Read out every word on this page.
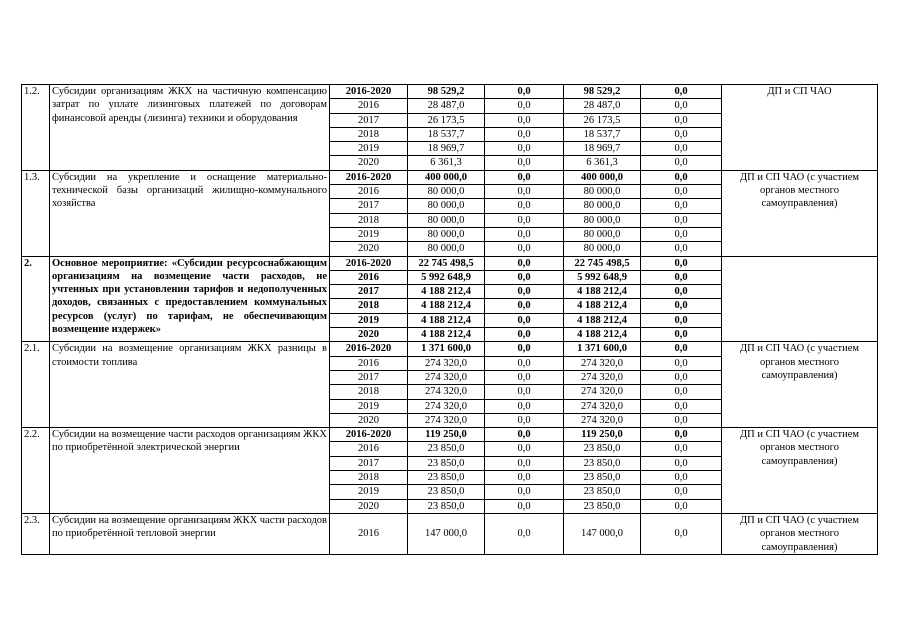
1.2.	Субсидии организациям ЖКХ на частичную компенсацию затрат по уплате лизинговых платежей по договорам финансовой аренды (лизинга) техники и оборудования	2016-2020	98 529,2	0,0	98 529,2	0,0	ДП и СП ЧАО
		2016	28 487,0	0,0	28 487,0	0,0	
		2017	26 173,5	0,0	26 173,5	0,0	
		2018	18 537,7	0,0	18 537,7	0,0	
		2019	18 969,7	0,0	18 969,7	0,0	
		2020	6 361,3	0,0	6 361,3	0,0	
1.3.	Субсидии на укрепление и оснащение материально-технической базы организаций жилищно-коммунального хозяйства	2016-2020	400 000,0	0,0	400 000,0	0,0	ДП и СП ЧАО (с участием органов местного самоуправления)
		2016	80 000,0	0,0	80 000,0	0,0	
		2017	80 000,0	0,0	80 000,0	0,0	
		2018	80 000,0	0,0	80 000,0	0,0	
		2019	80 000,0	0,0	80 000,0	0,0	
		2020	80 000,0	0,0	80 000,0	0,0	
2.	Основное мероприятие: «Субсидии ресурсоснабжающим организациям на возмещение части расходов, не учтенных при установлении тарифов и недополученных доходов, связанных с предоставлением коммунальных ресурсов (услуг) по тарифам, не обеспечивающим возмещение издержек»	2016-2020	22 745 498,5	0,0	22 745 498,5	0,0	
		2016	5 992 648,9	0,0	5 992 648,9	0,0	
		2017	4 188 212,4	0,0	4 188 212,4	0,0	
		2018	4 188 212,4	0,0	4 188 212,4	0,0	
		2019	4 188 212,4	0,0	4 188 212,4	0,0	
		2020	4 188 212,4	0,0	4 188 212,4	0,0	
2.1.	Субсидии на возмещение организациям ЖКХ разницы в стоимости топлива	2016-2020	1 371 600,0	0,0	1 371 600,0	0,0	ДП и СП ЧАО (с участием органов местного самоуправления)
		2016	274 320,0	0,0	274 320,0	0,0	
		2017	274 320,0	0,0	274 320,0	0,0	
		2018	274 320,0	0,0	274 320,0	0,0	
		2019	274 320,0	0,0	274 320,0	0,0	
		2020	274 320,0	0,0	274 320,0	0,0	
2.2.	Субсидии на возмещение части расходов организациям ЖКХ по приобретённой электрической энергии	2016-2020	119 250,0	0,0	119 250,0	0,0	ДП и СП ЧАО (с участием органов местного самоуправления)
		2016	23 850,0	0,0	23 850,0	0,0	
		2017	23 850,0	0,0	23 850,0	0,0	
		2018	23 850,0	0,0	23 850,0	0,0	
		2019	23 850,0	0,0	23 850,0	0,0	
		2020	23 850,0	0,0	23 850,0	0,0	
2.3.	Субсидии на возмещение организациям ЖКХ части расходов по приобретённой тепловой энергии	2016	147 000,0	0,0	147 000,0	0,0	ДП и СП ЧАО (с участием органов местного самоуправления)
